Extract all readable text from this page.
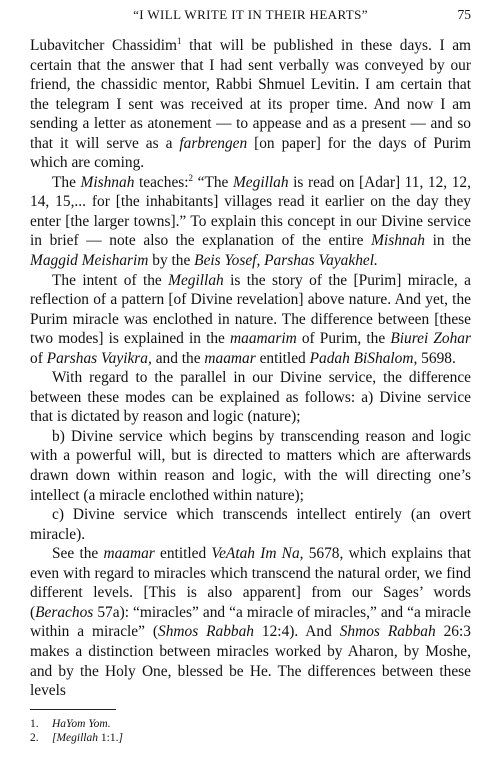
“I WILL WRITE IT IN THEIR HEARTS”	75

Lubavitcher Chassidim$^1$ that will be published in these days. I am certain that the answer that I had sent verbally was conveyed by our friend, the chassidic mentor, Rabbi Shmuel Levitin. I am certain that the telegram I sent was received at its proper time. And now I am sending a letter as atonement — to appease and as a present — and so that it will serve as a farbrengen [on paper] for the days of Purim which are coming.

The Mishnah teaches:$^2$ “The Megillah is read on [Adar] 11, 12, 12, 14, 15,... for [the inhabitants] villages read it earlier on the day they enter [the larger towns].” To explain this concept in our Divine service in brief — note also the explanation of the entire Mishnah in the Maggid Meisharim by the Beis Yosef, Parshas Vayakhel.

The intent of the Megillah is the story of the [Purim] miracle, a reflection of a pattern [of Divine revelation] above nature. And yet, the Purim miracle was enclothed in nature. The difference between [these two modes] is explained in the maamarim of Purim, the Biurei Zohar of Parshas Vayikra, and the maamar entitled Padah BiShalom, 5698.

With regard to the parallel in our Divine service, the difference between these modes can be explained as follows: a) Divine service that is dictated by reason and logic (nature);

b) Divine service which begins by transcending reason and logic with a powerful will, but is directed to matters which are afterwards drawn down within reason and logic, with the will directing one’s intellect (a miracle enclothed within nature);

c) Divine service which transcends intellect entirely (an overt miracle).

See the maamar entitled VeAtah Im Na, 5678, which explains that even with regard to miracles which transcend the natural order, we find different levels. [This is also apparent] from our Sages’ words (Berachos 57a): “miracles” and “a miracle of miracles,” and “a miracle within a miracle” (Shmos Rabbah 12:4). And Shmos Rabbah 26:3 makes a distinction between miracles worked by Aharon, by Moshe, and by the Holy One, blessed be He. The differences between these levels

1.	HaYom Yom.
2.	[Megillah 1:1.]
